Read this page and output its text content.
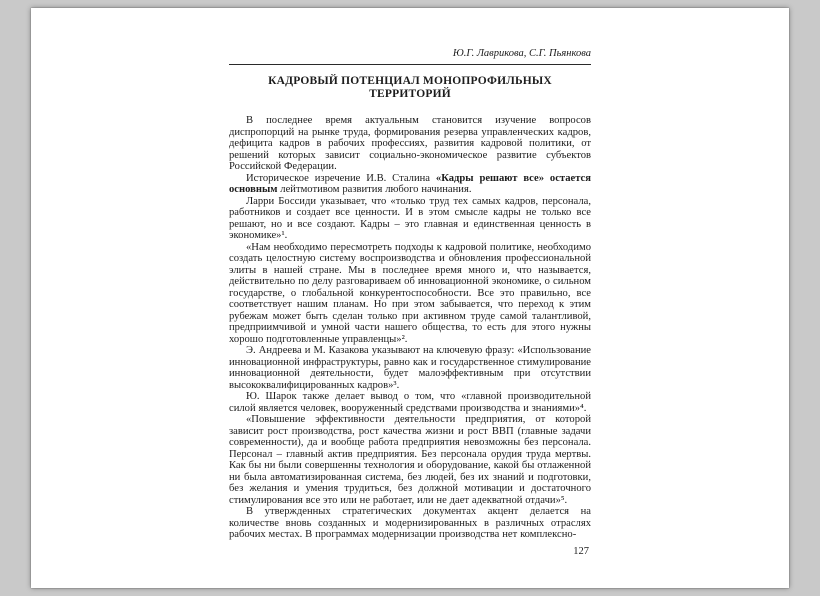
Ю.Г. Лаврикова, С.Г. Пьянкова
КАДРОВЫЙ ПОТЕНЦИАЛ МОНОПРОФИЛЬНЫХ ТЕРРИТОРИЙ

В последнее время актуальным становится изучение вопросов диспропорций на рынке труда, формирования резерва управленческих кадров, дефицита кадров в рабочих профессиях, развития кадровой политики, от решений которых зависит социально-экономическое развитие субъектов Российской Федерации.

Историческое изречение И.В. Сталина «Кадры решают все» остается основным лейтмотивом развития любого начинания.

Ларри Боссиди указывает, что «только труд тех самых кадров, персонала, работников и создает все ценности. И в этом смысле кадры не только все решают, но и все создают. Кадры – это главная и единственная ценность в экономике»¹.

«Нам необходимо пересмотреть подходы к кадровой политике, необходимо создать целостную систему воспроизводства и обновления профессиональной элиты в нашей стране. Мы в последнее время много и, что называется, действительно по делу разговариваем об инновационной экономике, о сильном государстве, о глобальной конкурентоспособности. Все это правильно, все соответствует нашим планам. Но при этом забывается, что переход к этим рубежам может быть сделан только при активном труде самой талантливой, предприимчивой и умной части нашего общества, то есть для этого нужны хорошо подготовленные управленцы»².

Э. Андреева и М. Казакова указывают на ключевую фразу: «Использование инновационной инфраструктуры, равно как и государственное стимулирование инновационной деятельности, будет малоэффективным при отсутствии высококвалифицированных кадров»³.

Ю. Шарок также делает вывод о том, что «главной производительной силой является человек, вооруженный средствами производства и знаниями»⁴.

«Повышение эффективности деятельности предприятия, от которой зависит рост производства, рост качества жизни и рост ВВП (главные задачи современности), да и вообще работа предприятия невозможны без персонала. Персонал – главный актив предприятия. Без персонала орудия труда мертвы. Как бы ни были совершенны технология и оборудование, какой бы отлаженной ни была автоматизированная система, без людей, без их знаний и подготовки, без желания и умения трудиться, без должной мотивации и достаточного стимулирования все это или не работает, или не дает адекватной отдачи»⁵.

В утвержденных стратегических документах акцент делается на количестве вновь созданных и модернизированных в различных отраслях рабочих местах. В программах модернизации производства нет комплексно-

127
